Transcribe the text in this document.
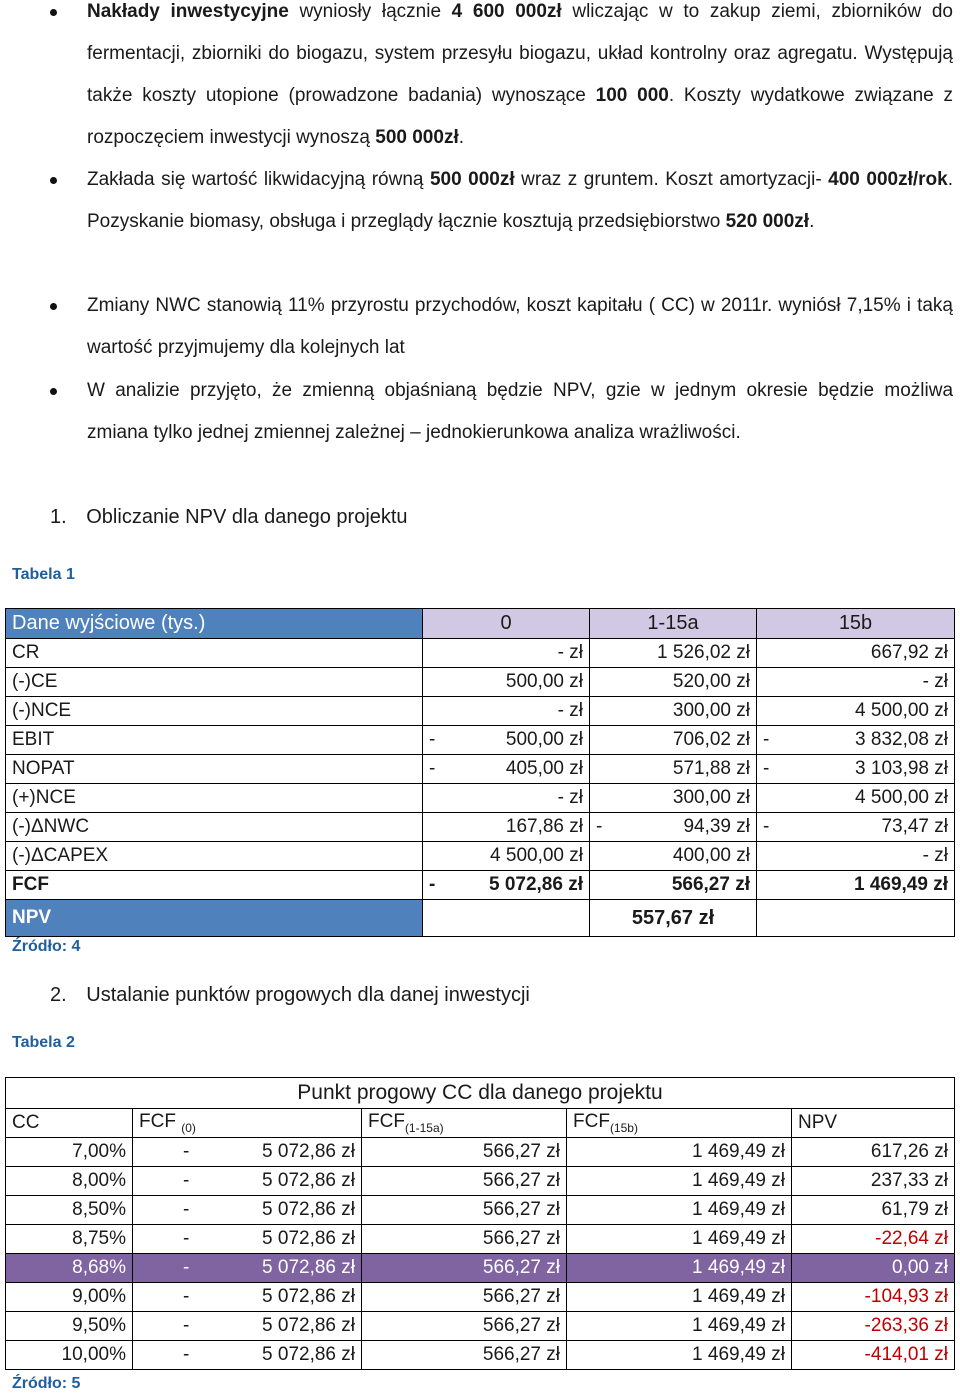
Nakłady inwestycyjne wyniosły łącznie 4 600 000zł wliczając w to zakup ziemi, zbiorników do fermentacji, zbiorniki do biogazu, system przesyłu biogazu, układ kontrolny oraz agregatu. Występują także koszty utopione (prowadzone badania) wynoszące 100 000. Koszty wydatkowe związane z rozpoczęciem inwestycji wynoszą 500 000zł.

Zakłada się wartość likwidacyjną równą 500 000zł wraz z gruntem. Koszt amortyzacji- 400 000zł/rok. Pozyskanie biomasy, obsługa i przeglądy łącznie kosztują przedsiębiorstwo 520 000zł.

Zmiany NWC stanowią 11% przyrostu przychodów, koszt kapitału ( CC) w 2011r. wyniósł 7,15% i taką wartość przyjmujemy dla kolejnych lat

W analizie przyjęto, że zmienną objaśnianą będzie NPV, gzie w jednym okresie będzie możliwa zmiana tylko jednej zmiennej zależnej – jednokierunkowa analiza wrażliwości.

1. Obliczanie NPV dla danego projektu
Tabela 1
Dane wyjściowe (tys.)	0	1-15a	15b
CR	- zł	1 526,02 zł	667,92 zł
(-)CE	500,00 zł	520,00 zł	- zł
(-)NCE	- zł	300,00 zł	4 500,00 zł
EBIT	- 500,00 zł	706,02 zł	- 3 832,08 zł
NOPAT	- 405,00 zł	571,88 zł	- 3 103,98 zł
(+)NCE	- zł	300,00 zł	4 500,00 zł
(-)ΔNWC	167,86 zł	- 94,39 zł	- 73,47 zł
(-)ΔCAPEX	4 500,00 zł	400,00 zł	- zł
FCF	- 5 072,86 zł	566,27 zł	1 469,49 zł
NPV		557,67 zł	
Źródło: 4
2. Ustalanie punktów progowych dla danej inwestycji
Tabela 2
Punkt progowy CC dla danego projektu				
CC	FCF $_{(0)}$	$FCF_{(1-15a)}$	$FCF_{(15b)}$	NPV
7,00%	- 5 072,86 zł	566,27 zł	1 469,49 zł	617,26 zł
8,00%	- 5 072,86 zł	566,27 zł	1 469,49 zł	237,33 zł
8,50%	- 5 072,86 zł	566,27 zł	1 469,49 zł	61,79 zł
8,75%	- 5 072,86 zł	566,27 zł	1 469,49 zł	-22,64 zł
8,68%	- 5 072,86 zł	566,27 zł	1 469,49 zł	0,00 zł
9,00%	- 5 072,86 zł	566,27 zł	1 469,49 zł	-104,93 zł
9,50%	- 5 072,86 zł	566,27 zł	1 469,49 zł	-263,36 zł
10,00%	- 5 072,86 zł	566,27 zł	1 469,49 zł	-414,01 zł
Źródło: 5
